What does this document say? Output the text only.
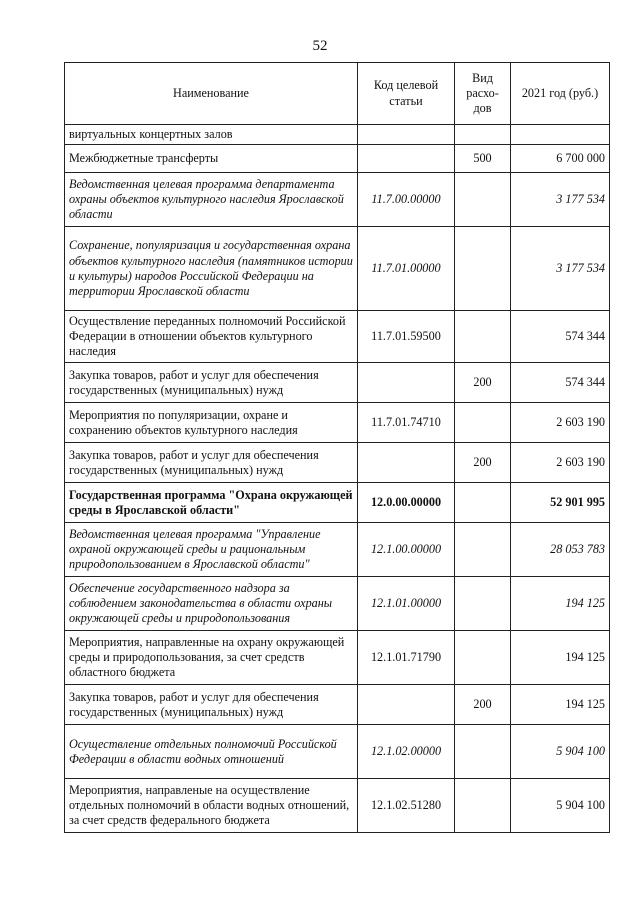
52
Наименование	Код целевой статьи	Вид расхо-дов	2021 год (руб.)
виртуальных концертных залов			
Межбюджетные трансферты		500	6 700 000
Ведомственная целевая программа департамента охраны объектов культурного наследия Ярославской области	11.7.00.00000		3 177 534
Сохранение, популяризация и государственная охрана объектов культурного наследия (памятников истории и культуры) народов Российской Федерации на территории Ярославской области	11.7.01.00000		3 177 534
Осуществление переданных полномочий Российской Федерации в отношении объектов культурного наследия	11.7.01.59500		574 344
Закупка товаров, работ и услуг для обеспечения государственных (муниципальных) нужд		200	574 344
Мероприятия по популяризации, охране и сохранению объектов культурного наследия	11.7.01.74710		2 603 190
Закупка товаров, работ и услуг для обеспечения государственных (муниципальных) нужд		200	2 603 190
Государственная программа "Охрана окружающей среды в Ярославской области"	12.0.00.00000		52 901 995
Ведомственная целевая программа "Управление охраной окружающей среды и рациональным природопользованием в Ярославской области"	12.1.00.00000		28 053 783
Обеспечение государственного надзора за соблюдением законодательства в области охраны окружающей среды и природопользования	12.1.01.00000		194 125
Мероприятия, направленные на охрану окружающей среды и природопользования, за счет средств областного бюджета	12.1.01.71790		194 125
Закупка товаров, работ и услуг для обеспечения государственных (муниципальных) нужд		200	194 125
Осуществление отдельных полномочий Российской Федерации в области водных отношений	12.1.02.00000		5 904 100
Мероприятия, направленые на осуществление отдельных полномочий в области водных отношений, за счет средств федерального бюджета	12.1.02.51280		5 904 100
